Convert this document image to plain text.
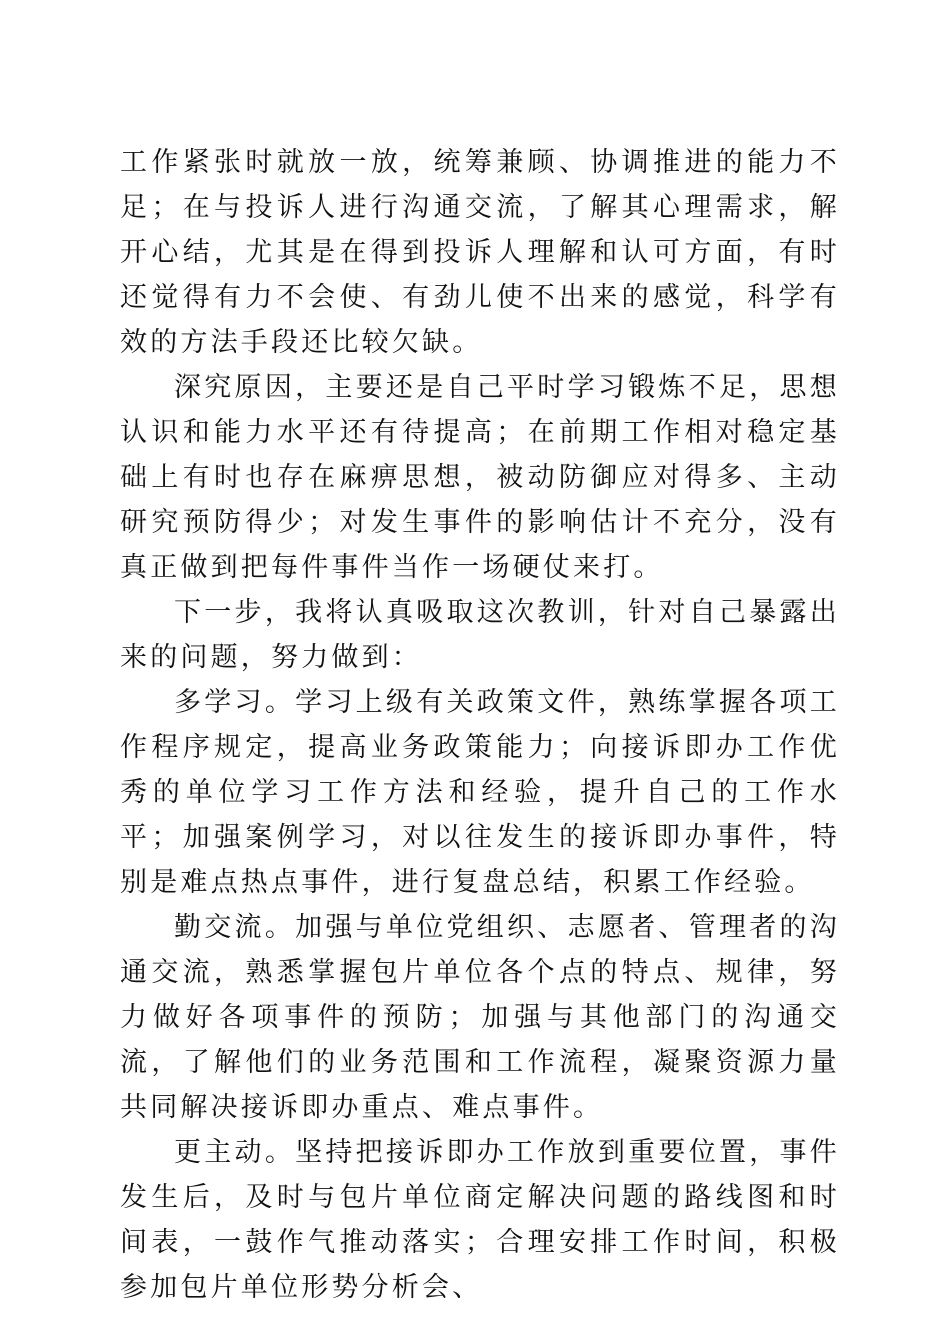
工作紧张时就放一放，统筹兼顾、协调推进的能力不足；在与投诉人进行沟通交流，了解其心理需求，解开心结，尤其是在得到投诉人理解和认可方面，有时还觉得有力不会使、有劲儿使不出来的感觉，科学有效的方法手段还比较欠缺。

深究原因，主要还是自己平时学习锻炼不足，思想认识和能力水平还有待提高；在前期工作相对稳定基础上有时也存在麻痹思想，被动防御应对得多、主动研究预防得少；对发生事件的影响估计不充分，没有真正做到把每件事件当作一场硬仗来打。

下一步，我将认真吸取这次教训，针对自己暴露出来的问题，努力做到：

多学习。学习上级有关政策文件，熟练掌握各项工作程序规定，提高业务政策能力；向接诉即办工作优秀的单位学习工作方法和经验，提升自己的工作水平；加强案例学习，对以往发生的接诉即办事件，特别是难点热点事件，进行复盘总结，积累工作经验。

勤交流。加强与单位党组织、志愿者、管理者的沟通交流，熟悉掌握包片单位各个点的特点、规律，努力做好各项事件的预防；加强与其他部门的沟通交流，了解他们的业务范围和工作流程，凝聚资源力量共同解决接诉即办重点、难点事件。

更主动。坚持把接诉即办工作放到重要位置，事件发生后，及时与包片单位商定解决问题的路线图和时间表，一鼓作气推动落实；合理安排工作时间，积极参加包片单位形势分析会、
